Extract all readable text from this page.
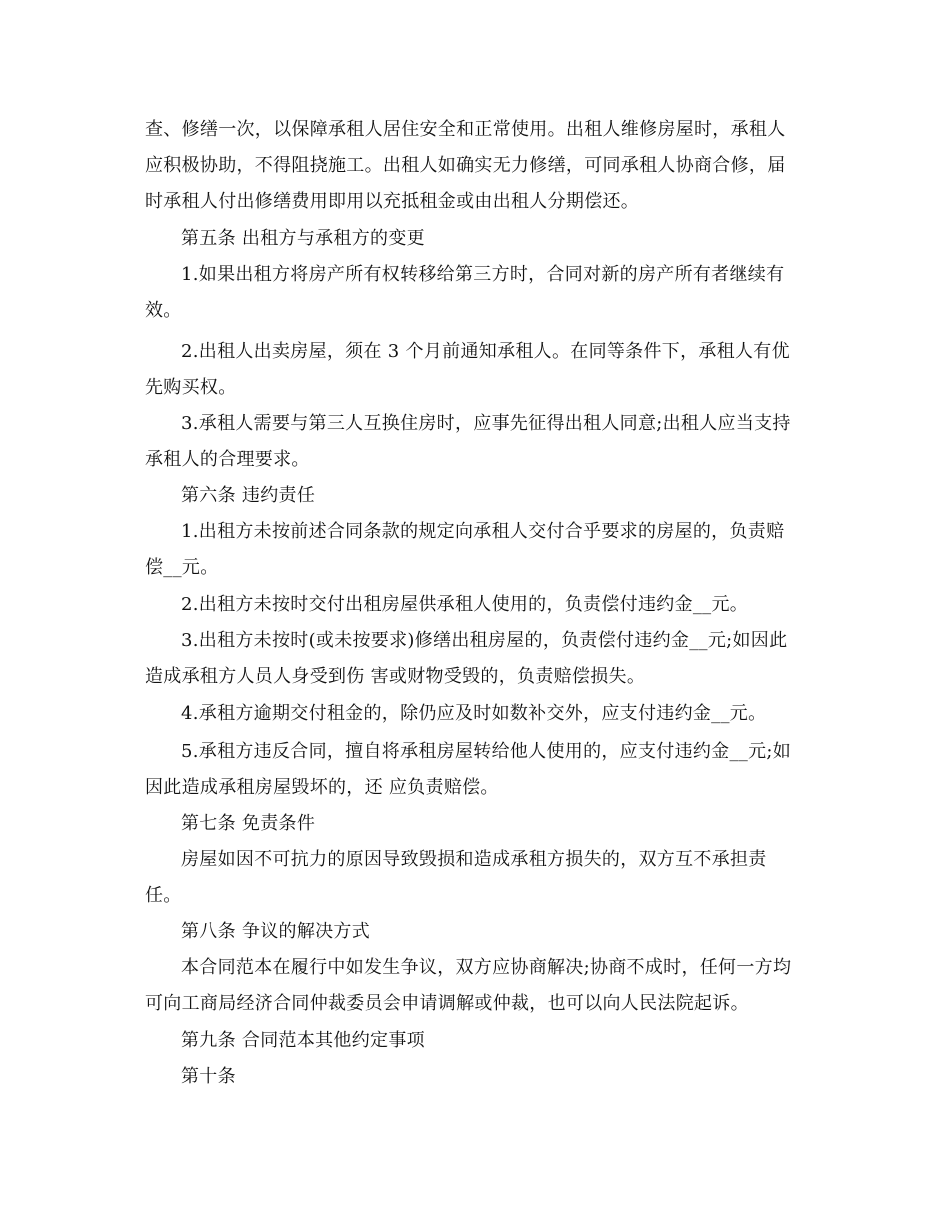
查、修缮一次，以保障承租人居住安全和正常使用。出租人维修房屋时，承租人
应积极协助，不得阻挠施工。出租人如确实无力修缮，可同承租人协商合修，届
时承租人付出修缮费用即用以充抵租金或由出租人分期偿还。
第五条 出租方与承租方的变更
1.如果出租方将房产所有权转移给第三方时，合同对新的房产所有者继续有
效。
2.出租人出卖房屋，须在 3 个月前通知承租人。在同等条件下，承租人有优
先购买权。
3.承租人需要与第三人互换住房时，应事先征得出租人同意;出租人应当支持
承租人的合理要求。
第六条 违约责任
1.出租方未按前述合同条款的规定向承租人交付合乎要求的房屋的，负责赔
偿__元。
2.出租方未按时交付出租房屋供承租人使用的，负责偿付违约金__元。
3.出租方未按时(或未按要求)修缮出租房屋的，负责偿付违约金__元;如因此
造成承租方人员人身受到伤 害或财物受毁的，负责赔偿损失。
4.承租方逾期交付租金的，除仍应及时如数补交外，应支付违约金__元。
5.承租方违反合同，擅自将承租房屋转给他人使用的，应支付违约金__元;如
因此造成承租房屋毁坏的，还 应负责赔偿。
第七条 免责条件
房屋如因不可抗力的原因导致毁损和造成承租方损失的，双方互不承担责
任。
第八条 争议的解决方式
本合同范本在履行中如发生争议，双方应协商解决;协商不成时，任何一方均
可向工商局经济合同仲裁委员会申请调解或仲裁，也可以向人民法院起诉。
第九条 合同范本其他约定事项
第十条
